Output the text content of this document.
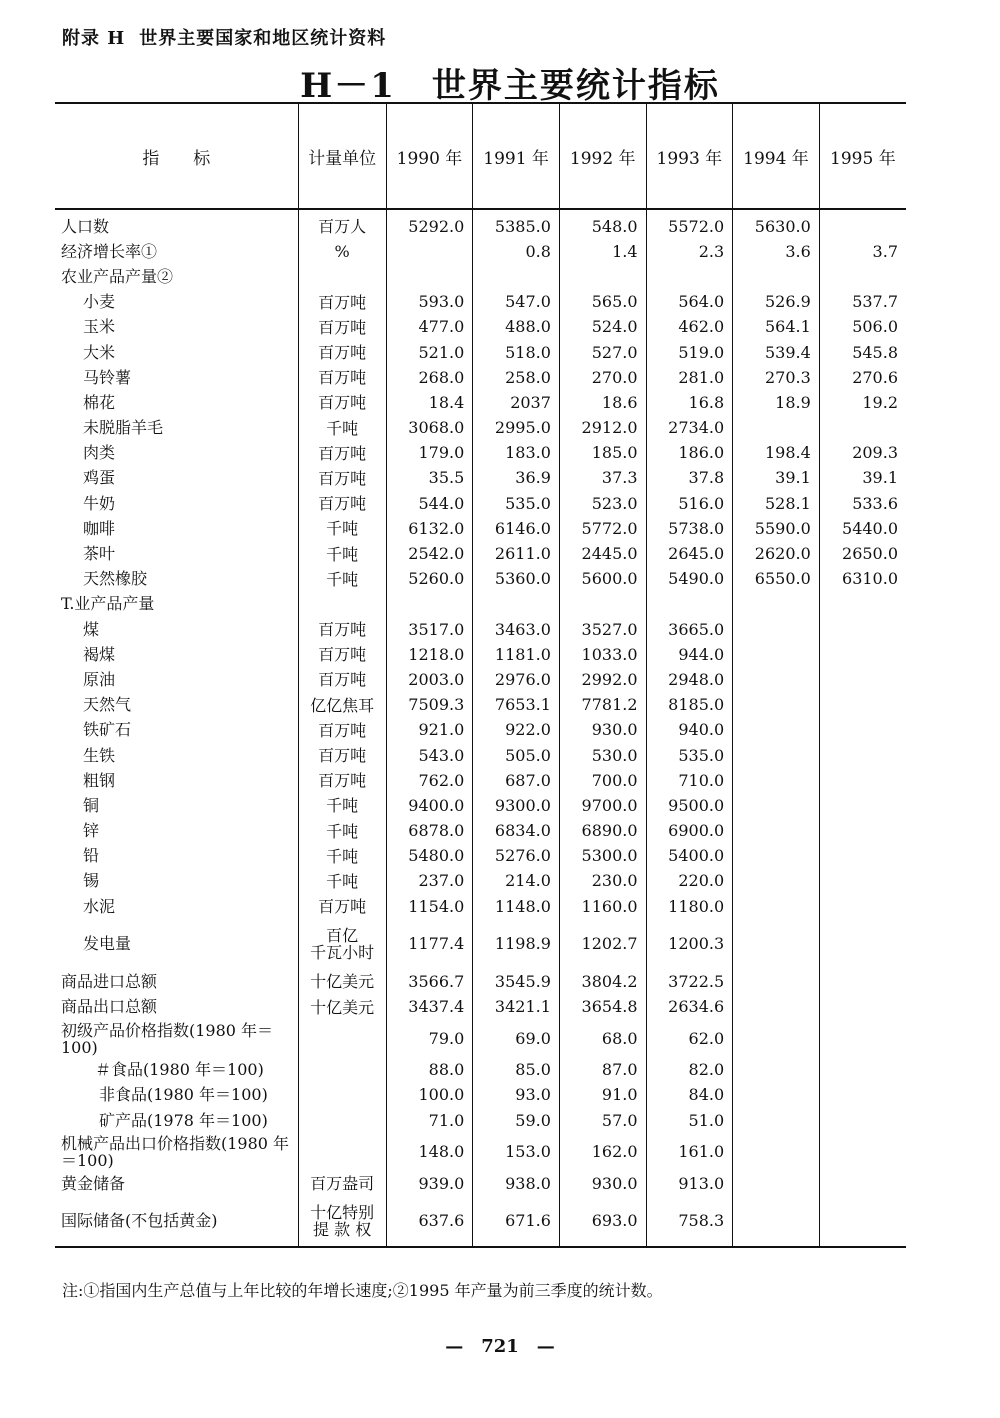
附录 H 世界主要国家和地区统计资料
H－1　世界主要统计指标
指　　标	计量单位	1990 年	1991 年	1992 年	1993 年	1994 年	1995 年
人口数	百万人	5292.0	5385.0	548.0	5572.0	5630.0	
经济增长率①	%		0.8	1.4	2.3	3.6	3.7
农业产品产量②							
小麦	百万吨	593.0	547.0	565.0	564.0	526.9	537.7
玉米	百万吨	477.0	488.0	524.0	462.0	564.1	506.0
大米	百万吨	521.0	518.0	527.0	519.0	539.4	545.8
马铃薯	百万吨	268.0	258.0	270.0	281.0	270.3	270.6
棉花	百万吨	18.4	2037	18.6	16.8	18.9	19.2
未脱脂羊毛	千吨	3068.0	2995.0	2912.0	2734.0		
肉类	百万吨	179.0	183.0	185.0	186.0	198.4	209.3
鸡蛋	百万吨	35.5	36.9	37.3	37.8	39.1	39.1
牛奶	百万吨	544.0	535.0	523.0	516.0	528.1	533.6
咖啡	千吨	6132.0	6146.0	5772.0	5738.0	5590.0	5440.0
茶叶	千吨	2542.0	2611.0	2445.0	2645.0	2620.0	2650.0
天然橡胶	千吨	5260.0	5360.0	5600.0	5490.0	6550.0	6310.0
T.业产品产量							
煤	百万吨	3517.0	3463.0	3527.0	3665.0		
褐煤	百万吨	1218.0	1181.0	1033.0	944.0		
原油	百万吨	2003.0	2976.0	2992.0	2948.0		
天然气	亿亿焦耳	7509.3	7653.1	7781.2	8185.0		
铁矿石	百万吨	921.0	922.0	930.0	940.0		
生铁	百万吨	543.0	505.0	530.0	535.0		
粗钢	百万吨	762.0	687.0	700.0	710.0		
铜	千吨	9400.0	9300.0	9700.0	9500.0		
锌	千吨	6878.0	6834.0	6890.0	6900.0		
铅	千吨	5480.0	5276.0	5300.0	5400.0		
锡	千吨	237.0	214.0	230.0	220.0		
水泥	百万吨	1154.0	1148.0	1160.0	1180.0		
发电量	百亿
千瓦小时	1177.4	1198.9	1202.7	1200.3		
商品进口总额	十亿美元	3566.7	3545.9	3804.2	3722.5		
商品出口总额	十亿美元	3437.4	3421.1	3654.8	2634.6		
初级产品价格指数(1980 年＝100)		79.0	69.0	68.0	62.0		
＃食品(1980 年＝100)		88.0	85.0	87.0	82.0		
非食品(1980 年＝100)		100.0	93.0	91.0	84.0		
矿产品(1978 年＝100)		71.0	59.0	57.0	51.0		
机械产品出口价格指数(1980 年＝100)		148.0	153.0	162.0	161.0		
黄金储备	百万盎司	939.0	938.0	930.0	913.0		
国际储备(不包括黄金)	十亿特别
提 款 权	637.6	671.6	693.0	758.3		
注:①指国内生产总值与上年比较的年增长速度;②1995 年产量为前三季度的统计数。
—　721　—
